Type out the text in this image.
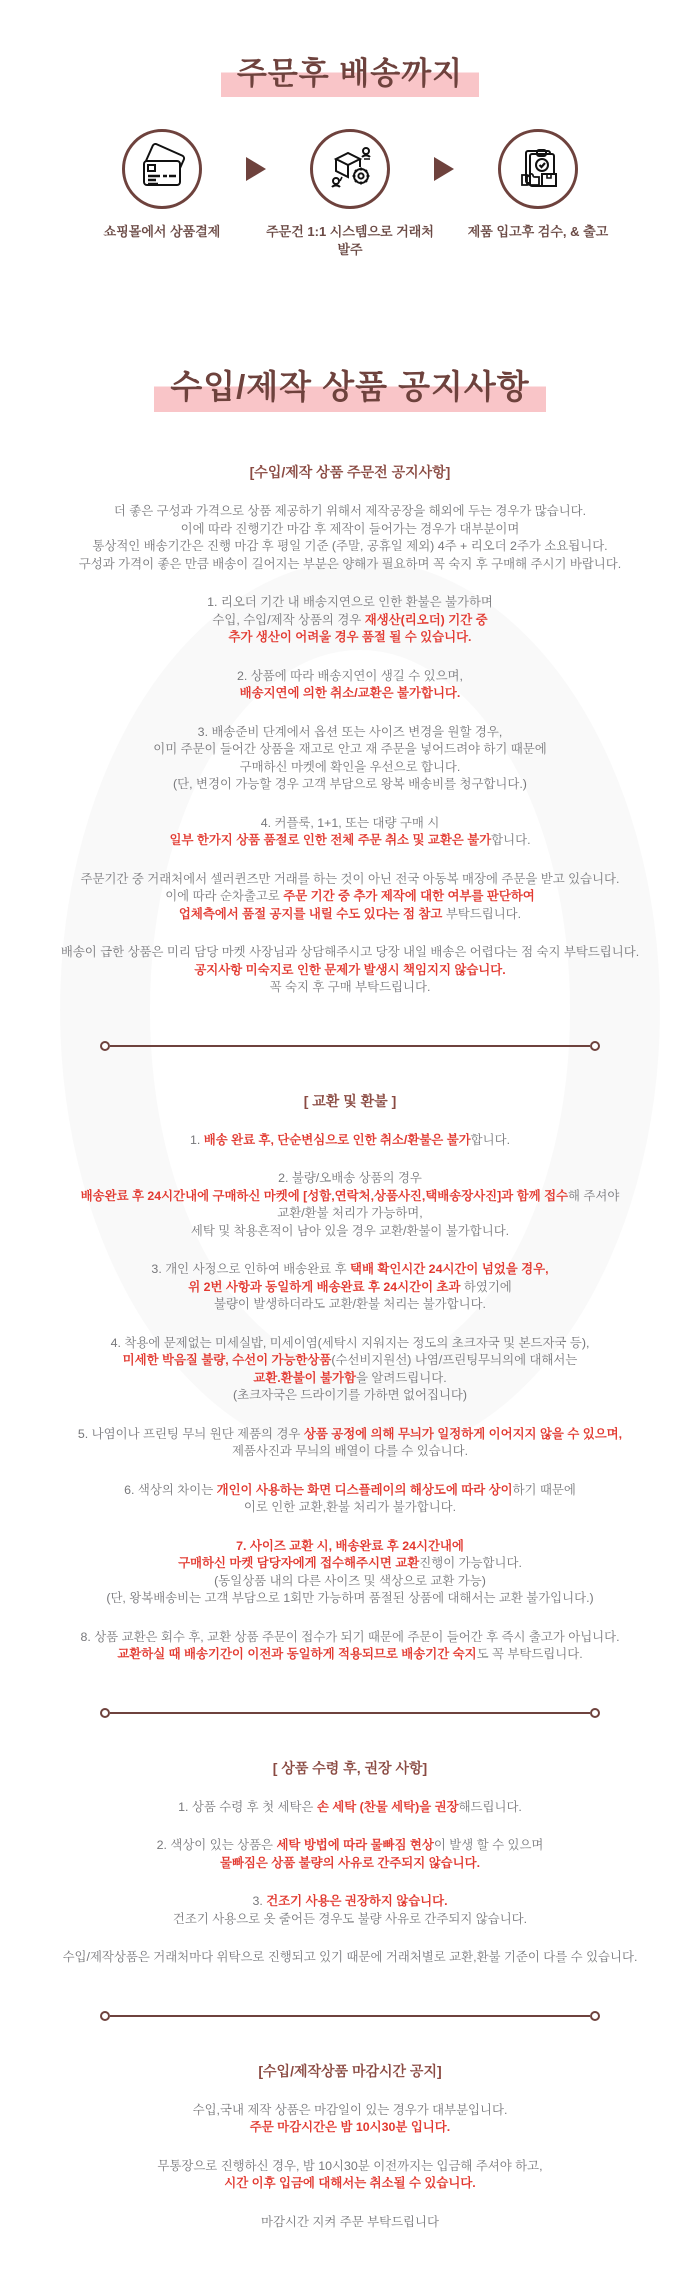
주문후 배송까지
쇼핑몰에서 상품결제	주문건 1:1 시스템으로 거래처 발주
제품 입고후 검수, & 출고
수입/제작 상품 공지사항
[수입/제작 상품 주문전 공지사항]

더 좋은 구성과 가격으로 상품 제공하기 위해서 제작공장을 해외에 두는 경우가 많습니다.
이에 따라 진행기간 마감 후 제작이 들어가는 경우가 대부분이며
통상적인 배송기간은 진행 마감 후 평일 기준 (주말, 공휴일 제외) 4주 + 리오더 2주가 소요됩니다.
구성과 가격이 좋은 만큼 배송이 길어지는 부분은 양해가 필요하며 꼭 숙지 후 구매해 주시기 바랍니다.

1. 리오더 기간 내 배송지연으로 인한 환불은 불가하며
수입, 수입/제작 상품의 경우 재생산(리오더) 기간 중
추가 생산이 어려울 경우 품절 될 수 있습니다.

2. 상품에 따라 배송지연이 생길 수 있으며,
배송지연에 의한 취소/교환은 불가합니다.

3. 배송준비 단계에서 옵션 또는 사이즈 변경을 원할 경우,
이미 주문이 들어간 상품을 재고로 안고 재 주문을 넣어드려야 하기 때문에
구매하신 마켓에 확인을 우선으로 합니다.
(단, 변경이 가능할 경우 고객 부담으로 왕복 배송비를 청구합니다.)

4. 커플룩, 1+1, 또는 대량 구매 시
일부 한가지 상품 품절로 인한 전체 주문 취소 및 교환은 불가합니다.

주문기간 중 거래처에서 셀러퀸즈만 거래를 하는 것이 아닌 전국 아동복 매장에 주문을 받고 있습니다.
이에 따라 순차출고로 주문 기간 중 추가 제작에 대한 여부를 판단하여
업체측에서 품절 공지를 내릴 수도 있다는 점 참고 부탁드립니다.

배송이 급한 상품은 미리 담당 마켓 사장님과 상담해주시고 당장 내일 배송은 어렵다는 점 숙지 부탁드립니다.
공지사항 미숙지로 인한 문제가 발생시 책임지지 않습니다.
꼭 숙지 후 구매 부탁드립니다.

[ 교환 및 환불 ]

1. 배송 완료 후, 단순변심으로 인한 취소/환불은 불가합니다.

2. 불량/오배송 상품의 경우
배송완료 후 24시간내에 구매하신 마켓에 [성함,연락처,상품사진,택배송장사진]과 함께 접수해 주셔야
교환/환불 처리가 가능하며,
세탁 및 착용흔적이 남아 있을 경우 교환/환불이 불가합니다.

3. 개인 사정으로 인하여 배송완료 후 택배 확인시간 24시간이 넘었을 경우,
위 2번 사항과 동일하게 배송완료 후 24시간이 초과 하였기에
불량이 발생하더라도 교환/환불 처리는 불가합니다.

4. 착용에 문제없는 미세실밥, 미세이염(세탁시 지워지는 정도의 초크자국 및 본드자국 등),
미세한 박음질 불량, 수선이 가능한상품(수선비지원선) 나염/프린팅무늬의에 대해서는
교환.환불이 불가함을 알려드립니다.
(초크자국은 드라이기를 가하면 없어집니다)

5. 나염이나 프린팅 무늬 원단 제품의 경우 상품 공정에 의해 무늬가 일정하게 이어지지 않을 수 있으며,
제품사진과 무늬의 배열이 다를 수 있습니다.

6. 색상의 차이는 개인이 사용하는 화면 디스플레이의 해상도에 따라 상이하기 때문에
이로 인한 교환,환불 처리가 불가합니다.

7. 사이즈 교환 시, 배송완료 후 24시간내에
구매하신 마켓 담당자에게 접수해주시면 교환진행이 가능합니다.
(동일상품 내의 다른 사이즈 및 색상으로 교환 가능)
(단, 왕복배송비는 고객 부담으로 1회만 가능하며 품절된 상품에 대해서는 교환 불가입니다.)

8. 상품 교환은 회수 후, 교환 상품 주문이 접수가 되기 때문에 주문이 들어간 후 즉시 출고가 아닙니다.
교환하실 때 배송기간이 이전과 동일하게 적용되므로 배송기간 숙지도 꼭 부탁드립니다.

[ 상품 수령 후, 권장 사항]

1. 상품 수령 후 첫 세탁은 손 세탁 (찬물 세탁)을 권장해드립니다.

2. 색상이 있는 상품은 세탁 방법에 따라 물빠짐 현상이 발생 할 수 있으며
물빠짐은 상품 불량의 사유로 간주되지 않습니다.

3. 건조기 사용은 권장하지 않습니다.
건조기 사용으로 옷 줄어든 경우도 불량 사유로 간주되지 않습니다.

수입/제작상품은 거래처마다 위탁으로 진행되고 있기 때문에 거래처별로 교환,환불 기준이 다를 수 있습니다.

[수입/제작상품 마감시간 공지]

수입,국내 제작 상품은 마감일이 있는 경우가 대부분입니다.
주문 마감시간은 밤 10시30분 입니다.

무통장으로 진행하신 경우, 밤 10시30분 이전까지는 입금해 주셔야 하고,
시간 이후 입금에 대해서는 취소될 수 있습니다.

마감시간 지켜 주문 부탁드립니다
